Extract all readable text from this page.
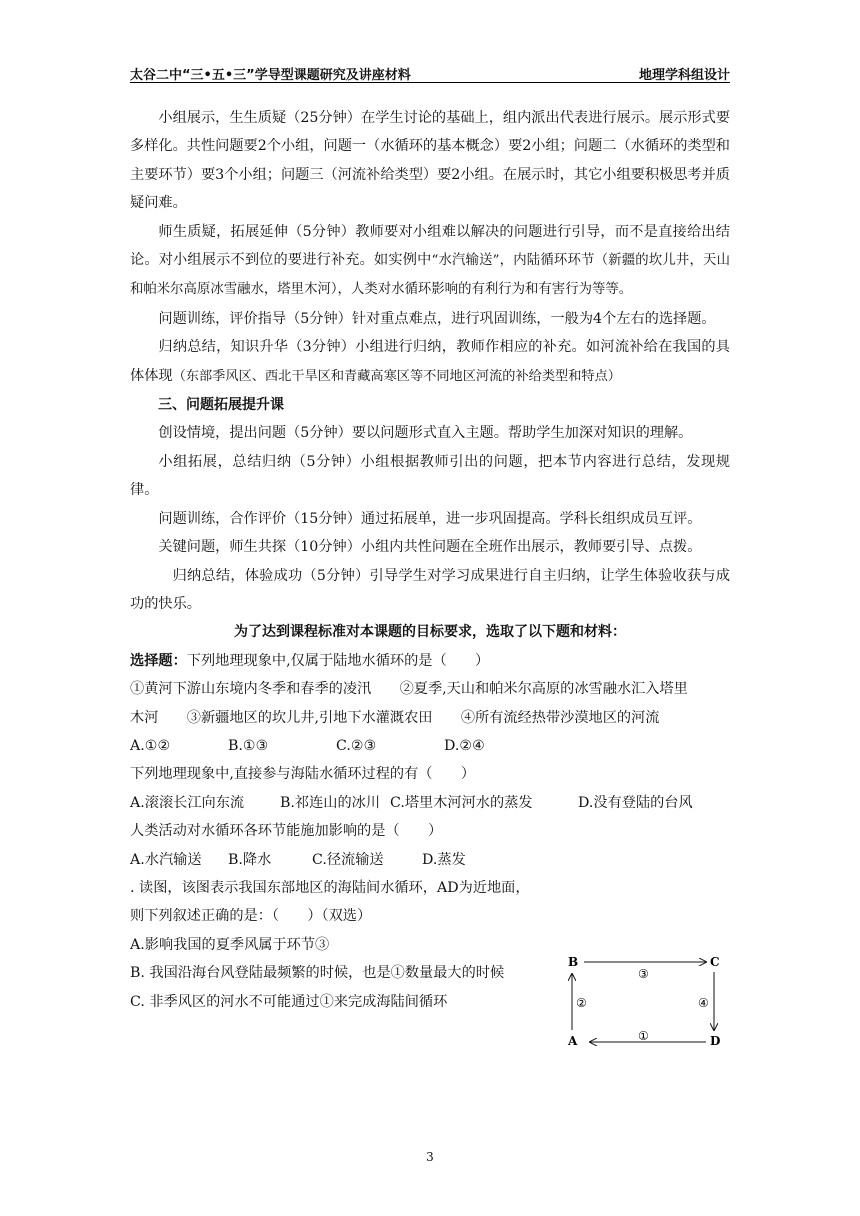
太谷二中“三•五•三”学导型课题研究及讲座材料	地理学科组设计

小组展示，生生质疑（25分钟）在学生讨论的基础上，组内派出代表进行展示。展示形式要多样化。共性问题要2个小组，问题一（水循环的基本概念）要2小组；问题二（水循环的类型和主要环节）要3个小组；问题三（河流补给类型）要2小组。在展示时，其它小组要积极思考并质疑问难。

师生质疑，拓展延伸（5分钟）教师要对小组难以解决的问题进行引导，而不是直接给出结论。对小组展示不到位的要进行补充。如实例中“水汽输送”，内陆循环环节（新疆的坎儿井，天山和帕米尔高原冰雪融水，塔里木河），人类对水循环影响的有利行为和有害行为等等。

问题训练，评价指导（5分钟）针对重点难点，进行巩固训练，一般为4个左右的选择题。

归纳总结，知识升华（3分钟）小组进行归纳，教师作相应的补充。如河流补给在我国的具体体现（东部季风区、西北干旱区和青藏高寒区等不同地区河流的补给类型和特点）

三、问题拓展提升课

创设情境，提出问题（5分钟）要以问题形式直入主题。帮助学生加深对知识的理解。

小组拓展，总结归纳（5分钟）小组根据教师引出的问题，把本节内容进行总结，发现规律。

问题训练，合作评价（15分钟）通过拓展单，进一步巩固提高。学科长组织成员互评。

关键问题，师生共探（10分钟）小组内共性问题在全班作出展示，教师要引导、点拨。

归纳总结，体验成功（5分钟）引导学生对学习成果进行自主归纳，让学生体验收获与成功的快乐。

为了达到课程标准对本课题的目标要求，选取了以下题和材料：

选择题：下列地理现象中,仅属于陆地水循环的是（　　）

①黄河下游山东境内冬季和春季的凌汛　　②夏季,天山和帕米尔高原的冰雪融水汇入塔里

木河　　③新疆地区的坎儿井,引地下水灌溉农田　　④所有流经热带沙漠地区的河流

A.①②	B.①③	C.②③	D.②④

下列地理现象中,直接参与海陆水循环过程的有（　　）

A.滚滚长江向东流	B.祁连山的冰川 C.塔里木河河水的蒸发	D.没有登陆的台风

人类活动对水循环各环节能施加影响的是（　　）

A.水汽输送 B.降水	C.径流输送	D.蒸发

. 读图，该图表示我国东部地区的海陆间水循环，AD为近地面，

则下列叙述正确的是：（　　）（双选）

A.影响我国的夏季风属于环节③

B. 我国沿海台风登陆最频繁的时候，也是①数量最大的时候

C. 非季风区的河水不可能通过①来完成海陆间循环

B	C
A	D
③
④
①
②
3
